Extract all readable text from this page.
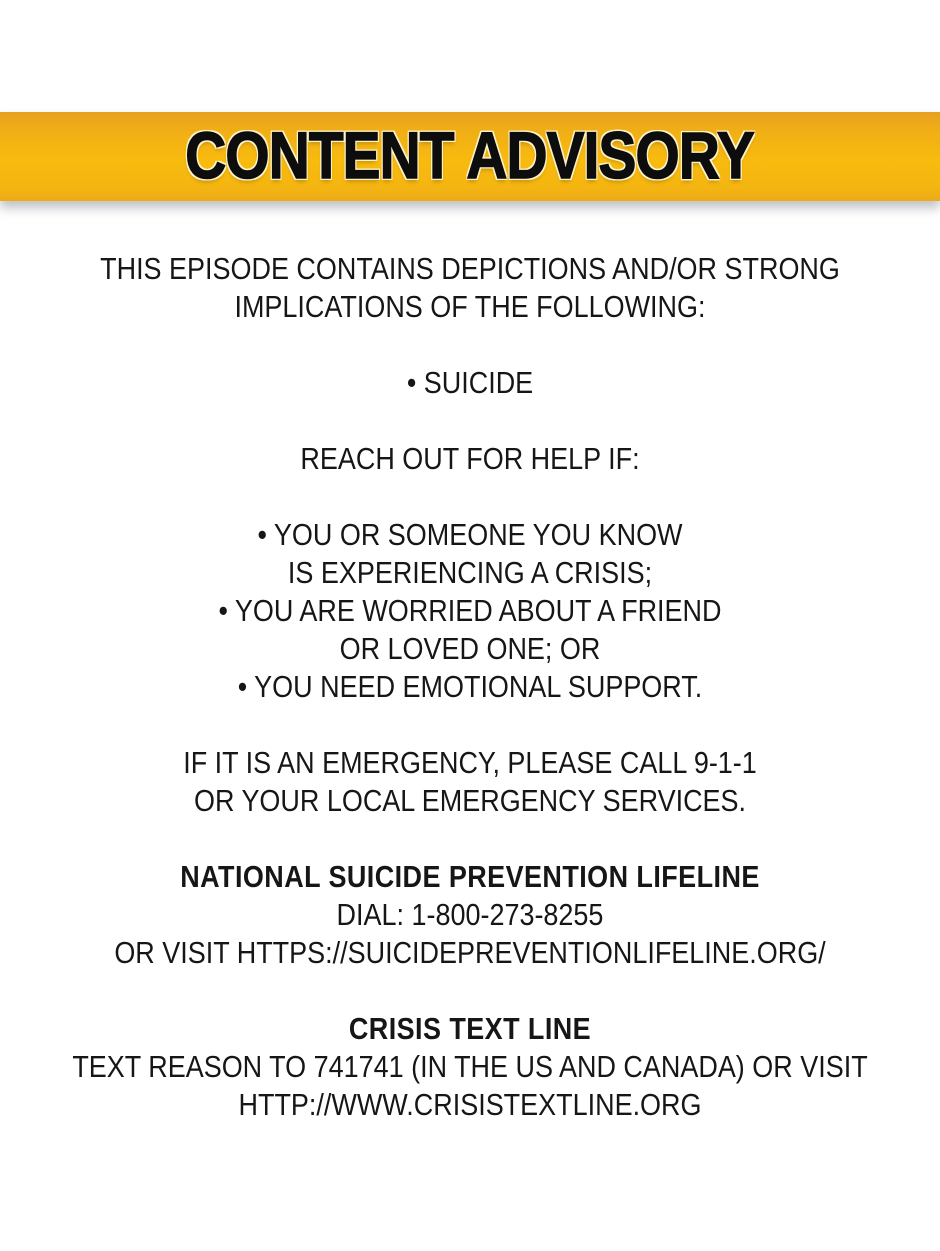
CONTENT ADVISORY

THIS EPISODE CONTAINS DEPICTIONS AND/OR STRONG
IMPLICATIONS OF THE FOLLOWING:

• SUICIDE

REACH OUT FOR HELP IF:

• YOU OR SOMEONE YOU KNOW
IS EXPERIENCING A CRISIS;
• YOU ARE WORRIED ABOUT A FRIEND
OR LOVED ONE; OR
• YOU NEED EMOTIONAL SUPPORT.

IF IT IS AN EMERGENCY, PLEASE CALL 9-1-1
OR YOUR LOCAL EMERGENCY SERVICES.

NATIONAL SUICIDE PREVENTION LIFELINE
DIAL: 1-800-273-8255
OR VISIT HTTPS://SUICIDEPREVENTIONLIFELINE.ORG/

CRISIS TEXT LINE
TEXT REASON TO 741741 (IN THE US AND CANADA) OR VISIT
HTTP://WWW.CRISISTEXTLINE.ORG
